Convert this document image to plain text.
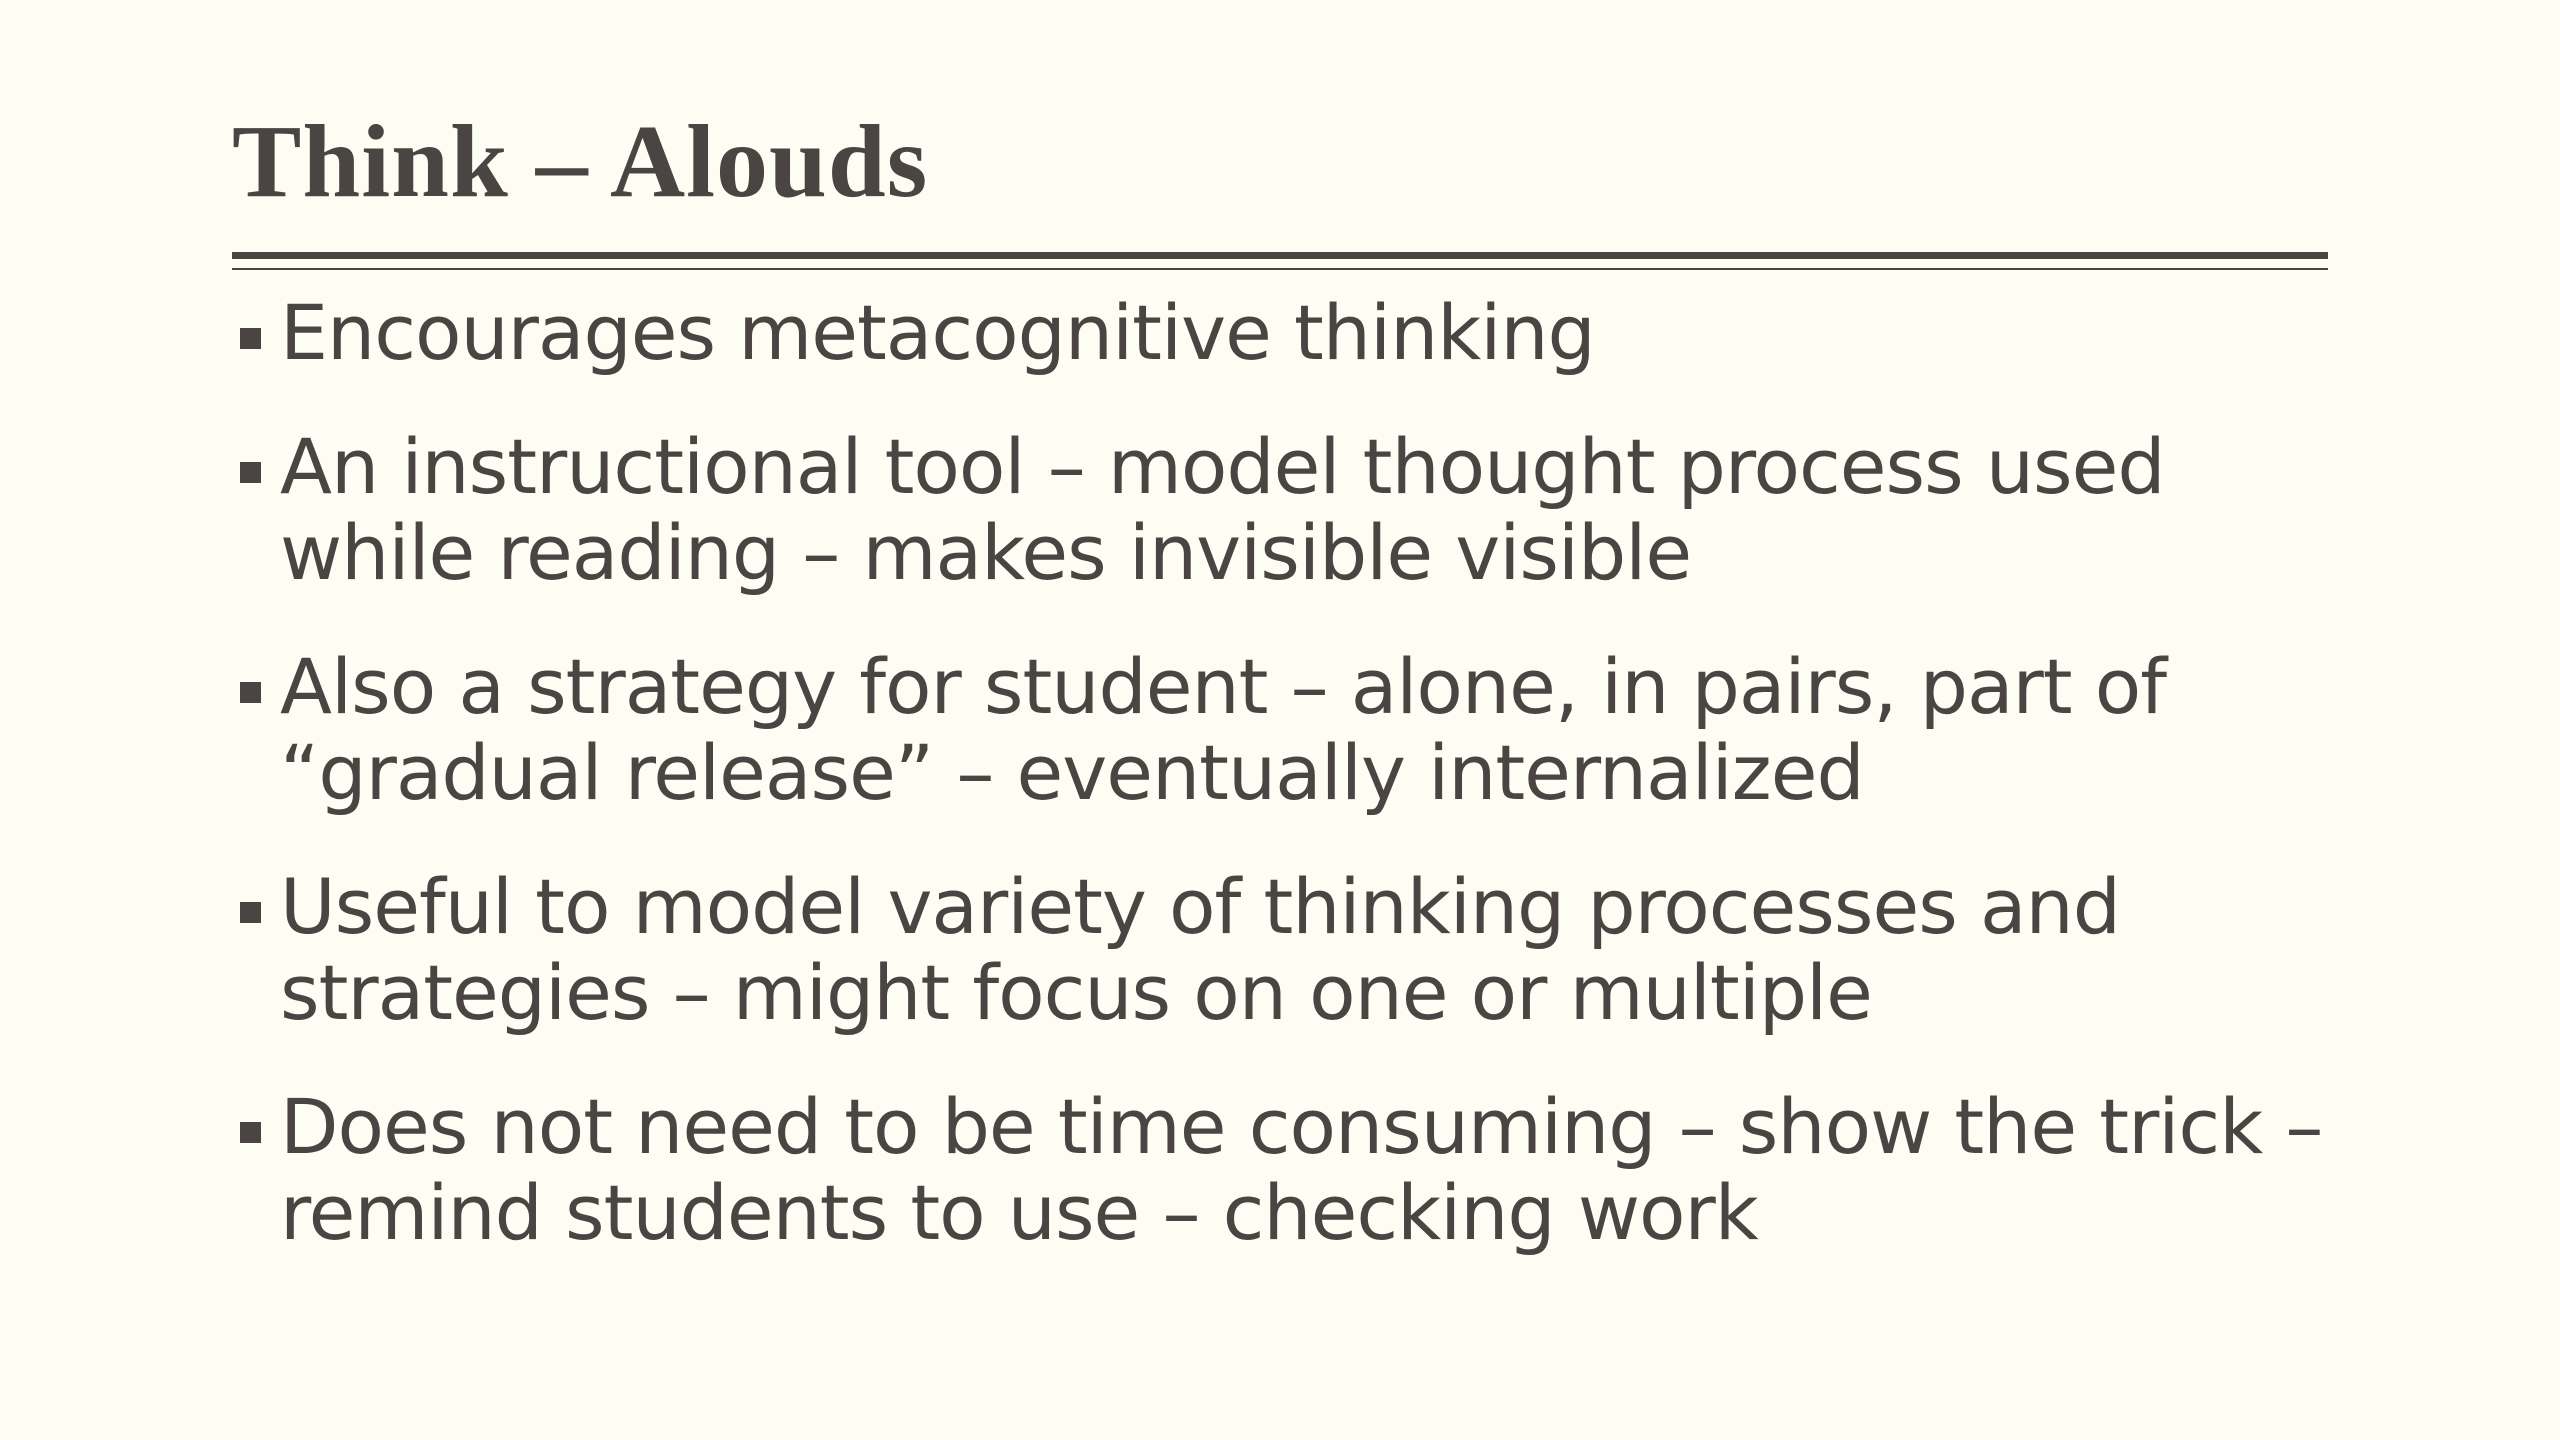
Think – Alouds
Encourages metacognitive thinking
An instructional tool – model thought process used while reading – makes invisible visible
Also a strategy for student – alone, in pairs, part of “gradual release” – eventually internalized
Useful to model variety of thinking processes and strategies – might focus on one or multiple
Does not need to be time consuming – show the trick – remind students to use – checking work
